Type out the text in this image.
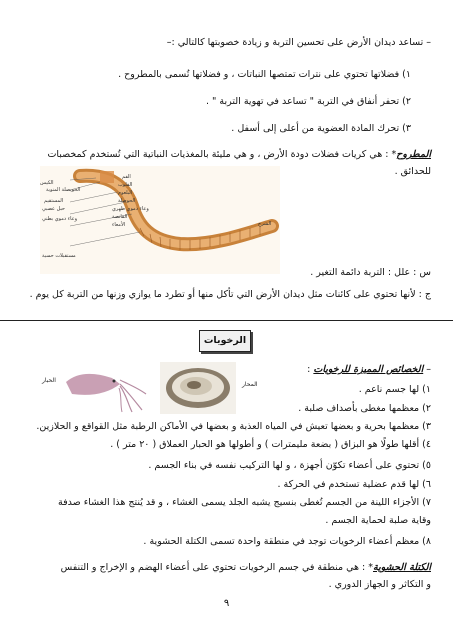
– تساعد ديدان الأرض على تحسين التربة و زيادة خصوبتها كالتالي :–
١) فضلاتها تحتوي على نترات تمتصها النباتات ، و فضلاتها تُسمى بالمطروح .
٢) تحفر أنفاق في التربة " تساعد في تهوية التربة " .
٣) تحرك المادة العضوية من أعلى إلى أسفل .
المطروح* : هي كريات فضلات دودة الأرض ، و هي مليئة بالمغذيات النباتية التي تُستخدم كمخصبات
للحدائق .
الكيس
الحويصلة المنوية
المستقيم
حبل عصبي
وعاء دموي بطني
مستقبلات حسية
الفم
القلوب
البلعوم
الحوصلة
وعاء دموي ظهري
القانصة
الأمعاء	الشرج
س : علل : التربة دائمة التغير .
ج : لأنها تحتوي على كائنات مثل ديدان الأرض التي تأكل منها أو تطرد ما يوازي وزنها من التربة كل يوم .
الرخويات
– الخصائص المميزة للرخويات :
المحار
الحبار
١) لها جسم ناعم .
٢) معظمها مغطى بأصداف صلبة .
٣) معظمها بحرية و بعضها تعيش في المياه العذبة و بعضها في الأماكن الرطبة مثل القواقع و الحلازين.
٤) أقلها طولًا هو البزاق ( بضعة مليمترات ) و أطولها هو الحبار العملاق ( ٢٠ متر ) .
٥) تحتوي على أعضاء تكوّن أجهزة ، و لها التركيب نفسه في بناء الجسم .
٦) لها قدم عضلية تستخدم في الحركة .
٧) الأجزاء اللينة من الجسم تُغطى بنسيج يشبه الجلد يسمى الغشاء ، و قد يُنتج هذا الغشاء صدفة
وقاية صلبة لحماية الجسم .
٨) معظم أعضاء الرخويات توجد في منطقة واحدة تسمى الكتلة الحشوية .
الكتلة الحشوية* : هي منطقة في جسم الرخويات تحتوي على أعضاء الهضم و الإخراج و التنفس
و التكاثر و الجهاز الدوري .
٩
